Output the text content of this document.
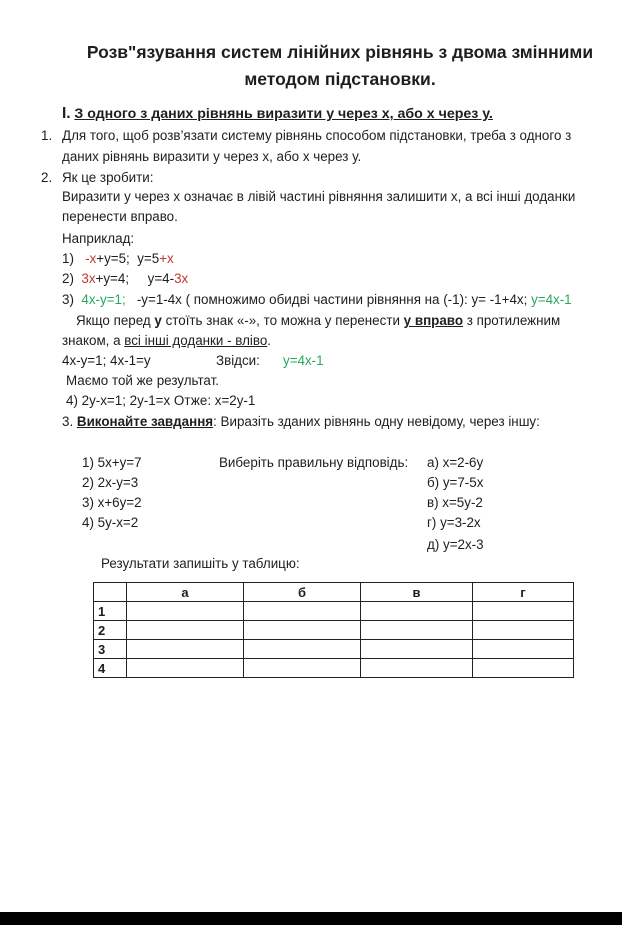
Розв"язування систем лінійних рівнянь з двома змінними
методом підстановки.
I. З одного з даних рівнянь виразити у через х, або х через у.
1. Для того, щоб розв’язати систему рівнянь способом підстановки, треба з одного з
даних рівнянь виразити у через х, або х через у.
2. Як це зробити:
Виразити у через х означає в лівій частині рівняння залишити х, а всі інші доданки
перенести вправо.
Наприклад:
1) -х+у=5; у=5+х
2) 3х+у=4; у=4-3х
3) 4х-у=1; -у=1-4х ( помножимо обидві частини рівняння на (-1): у= -1+4х; у=4х-1
Якщо перед у стоїть знак «-», то можна у перенести у вправо з протилежним
знаком, а всі інші доданки - вліво.
4х-у=1; 4х-1=у	Звідси: у=4х-1
Маємо той же результат.
4) 2у-х=1; 2у-1=х Отже: х=2у-1
3. Виконайте завдання: Виразіть зданих рівнянь одну невідому, через іншу:
1) 5х+у=7
2) 2х-у=3
3) х+6у=2
4) 5у-х=2
Виберіть правильну відповідь: а) х=2-6у
б) у=7-5х
в) х=5у-2
г) у=3-2х
д) у=2х-3
Результати запишіть у таблицю:
	а	б	в	г
1				
2				
3				
4				
